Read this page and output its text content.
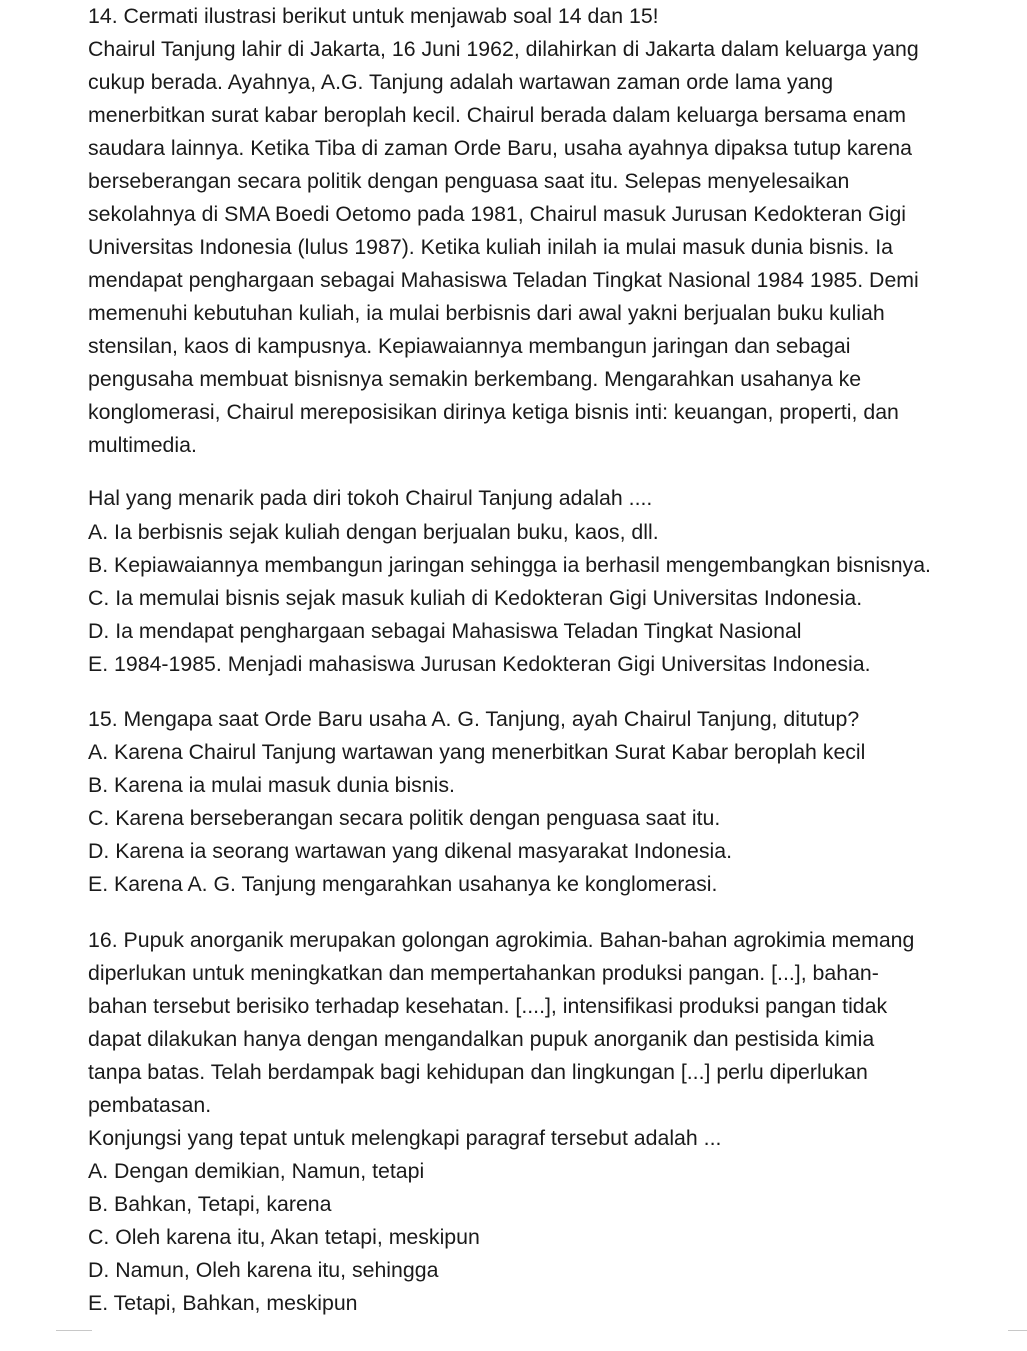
14. Cermati ilustrasi berikut untuk menjawab soal 14 dan 15!
Chairul Tanjung lahir di Jakarta, 16 Juni 1962, dilahirkan di Jakarta dalam keluarga yang
cukup berada. Ayahnya, A.G. Tanjung adalah wartawan zaman orde lama yang
menerbitkan surat kabar beroplah kecil. Chairul berada dalam keluarga bersama enam
saudara lainnya. Ketika Tiba di zaman Orde Baru, usaha ayahnya dipaksa tutup karena
berseberangan secara politik dengan penguasa saat itu. Selepas menyelesaikan
sekolahnya di SMA Boedi Oetomo pada 1981, Chairul masuk Jurusan Kedokteran Gigi
Universitas Indonesia (lulus 1987). Ketika kuliah inilah ia mulai masuk dunia bisnis. Ia
mendapat penghargaan sebagai Mahasiswa Teladan Tingkat Nasional 1984 1985. Demi
memenuhi kebutuhan kuliah, ia mulai berbisnis dari awal yakni berjualan buku kuliah
stensilan, kaos di kampusnya. Kepiawaiannya membangun jaringan dan sebagai
pengusaha membuat bisnisnya semakin berkembang. Mengarahkan usahanya ke
konglomerasi, Chairul mereposisikan dirinya ketiga bisnis inti: keuangan, properti, dan
multimedia.
Hal yang menarik pada diri tokoh Chairul Tanjung adalah ....
A. Ia berbisnis sejak kuliah dengan berjualan buku, kaos, dll.
B. Kepiawaiannya membangun jaringan sehingga ia berhasil mengembangkan bisnisnya.
C. Ia memulai bisnis sejak masuk kuliah di Kedokteran Gigi Universitas Indonesia.
D. Ia mendapat penghargaan sebagai Mahasiswa Teladan Tingkat Nasional
E. 1984-1985. Menjadi mahasiswa Jurusan Kedokteran Gigi Universitas Indonesia.
15. Mengapa saat Orde Baru usaha A. G. Tanjung, ayah Chairul Tanjung, ditutup?
A. Karena Chairul Tanjung wartawan yang menerbitkan Surat Kabar beroplah kecil
B. Karena ia mulai masuk dunia bisnis.
C. Karena berseberangan secara politik dengan penguasa saat itu.
D. Karena ia seorang wartawan yang dikenal masyarakat Indonesia.
E. Karena A. G. Tanjung mengarahkan usahanya ke konglomerasi.
16. Pupuk anorganik merupakan golongan agrokimia. Bahan-bahan agrokimia memang
diperlukan untuk meningkatkan dan mempertahankan produksi pangan. [...], bahan-
bahan tersebut berisiko terhadap kesehatan. [....], intensifikasi produksi pangan tidak
dapat dilakukan hanya dengan mengandalkan pupuk anorganik dan pestisida kimia
tanpa batas. Telah berdampak bagi kehidupan dan lingkungan [...] perlu diperlukan
pembatasan.
Konjungsi yang tepat untuk melengkapi paragraf tersebut adalah ...
A. Dengan demikian, Namun, tetapi
B. Bahkan, Tetapi, karena
C. Oleh karena itu, Akan tetapi, meskipun
D. Namun, Oleh karena itu, sehingga
E. Tetapi, Bahkan, meskipun
